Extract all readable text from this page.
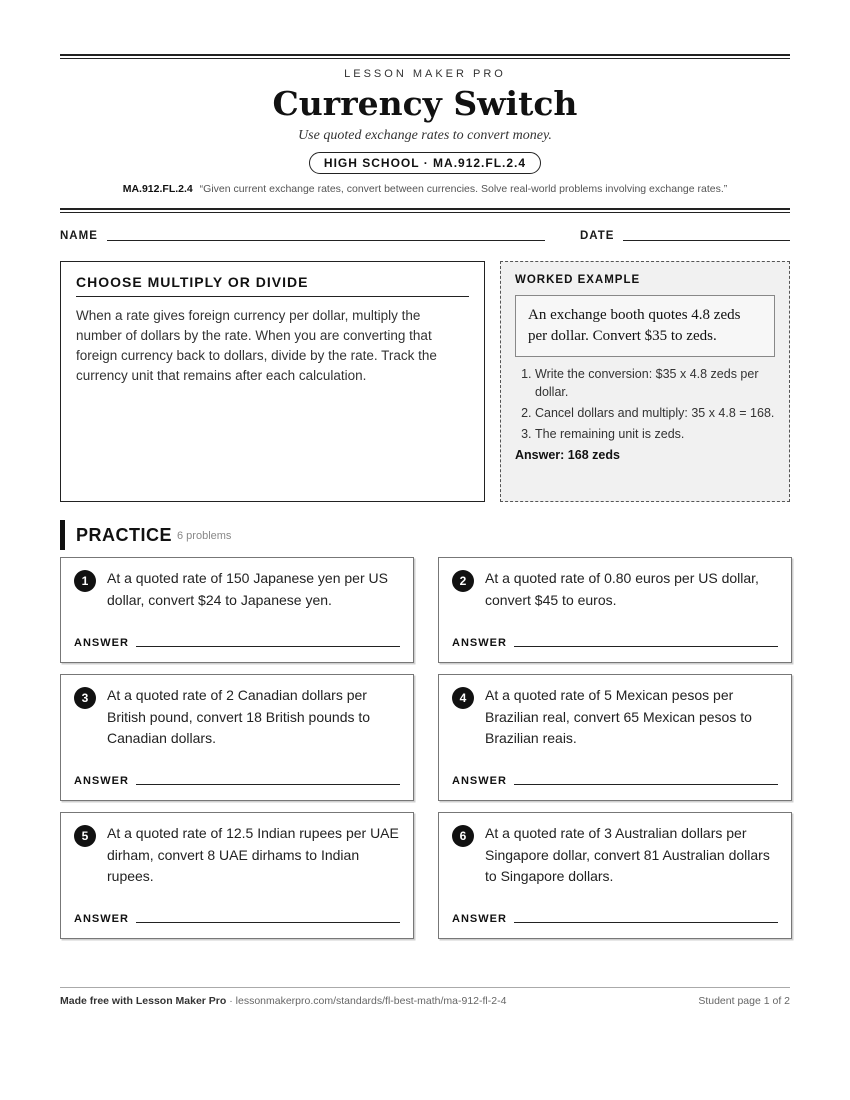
LESSON MAKER PRO
Currency Switch
Use quoted exchange rates to convert money.
HIGH SCHOOL · MA.912.FL.2.4
MA.912.FL.2.4 “Given current exchange rates, convert between currencies. Solve real-world problems involving exchange rates.”
NAME	DATE
CHOOSE MULTIPLY OR DIVIDE

When a rate gives foreign currency per dollar, multiply the number of dollars by the rate. When you are converting that foreign currency back to dollars, divide by the rate. Track the currency unit that remains after each calculation.

WORKED EXAMPLE
An exchange booth quotes 4.8 zeds per dollar. Convert $35 to zeds.
1. Write the conversion: $35 x 4.8 zeds per dollar.
2. Cancel dollars and multiply: 35 x 4.8 = 168.
3. The remaining unit is zeds.
Answer: 168 zeds
PRACTICE 6 problems
1	At a quoted rate of 150 Japanese yen per US dollar, convert $24 to Japanese yen.
ANSWER
2	At a quoted rate of 0.80 euros per US dollar, convert $45 to euros.
ANSWER
3	At a quoted rate of 2 Canadian dollars per British pound, convert 18 British pounds to Canadian dollars.
ANSWER
4	At a quoted rate of 5 Mexican pesos per Brazilian real, convert 65 Mexican pesos to Brazilian reais.
ANSWER
5	At a quoted rate of 12.5 Indian rupees per UAE dirham, convert 8 UAE dirhams to Indian rupees.
ANSWER
6	At a quoted rate of 3 Australian dollars per Singapore dollar, convert 81 Australian dollars to Singapore dollars.
ANSWER
Made free with Lesson Maker Pro · lessonmakerpro.com/standards/fl-best-math/ma-912-fl-2-4	Student page 1 of 2
